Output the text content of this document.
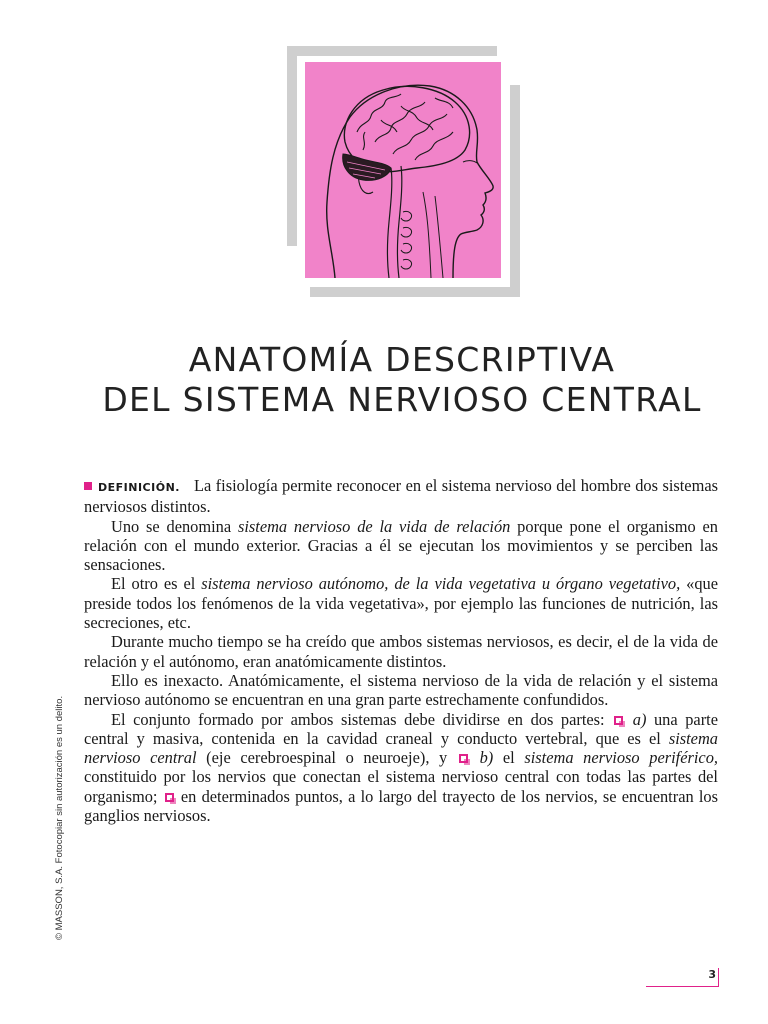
ANATOMÍA DESCRIPTIVA
DEL SISTEMA NERVIOSO CENTRAL

DEFINICIÓN. La fisiología permite reconocer en el sistema nervioso del hombre dos sistemas nerviosos distintos.

Uno se denomina sistema nervioso de la vida de relación porque pone el organismo en relación con el mundo exterior. Gracias a él se ejecutan los movimientos y se perciben las sensaciones.

El otro es el sistema nervioso autónomo, de la vida vegetativa u órgano vegetativo, «que preside todos los fenómenos de la vida vegetativa», por ejemplo las funciones de nutrición, las secreciones, etc.

Durante mucho tiempo se ha creído que ambos sistemas nerviosos, es decir, el de la vida de relación y el autónomo, eran anatómicamente distintos.

Ello es inexacto. Anatómicamente, el sistema nervioso de la vida de relación y el sistema nervioso autónomo se encuentran en una gran parte estrechamente confundidos.

El conjunto formado por ambos sistemas debe dividirse en dos partes:  a) una parte central y masiva, contenida en la cavidad craneal y conducto vertebral, que es el sistema nervioso central (eje cerebroespinal o neuroeje), y  b) el sistema nervioso periférico, constituido por los nervios que conectan el sistema nervioso central con todas las partes del organismo;  en determinados puntos, a lo largo del trayecto de los nervios, se encuentran los ganglios nerviosos.

© MASSON, S.A. Fotocopiar sin autorización es un delito.
3
